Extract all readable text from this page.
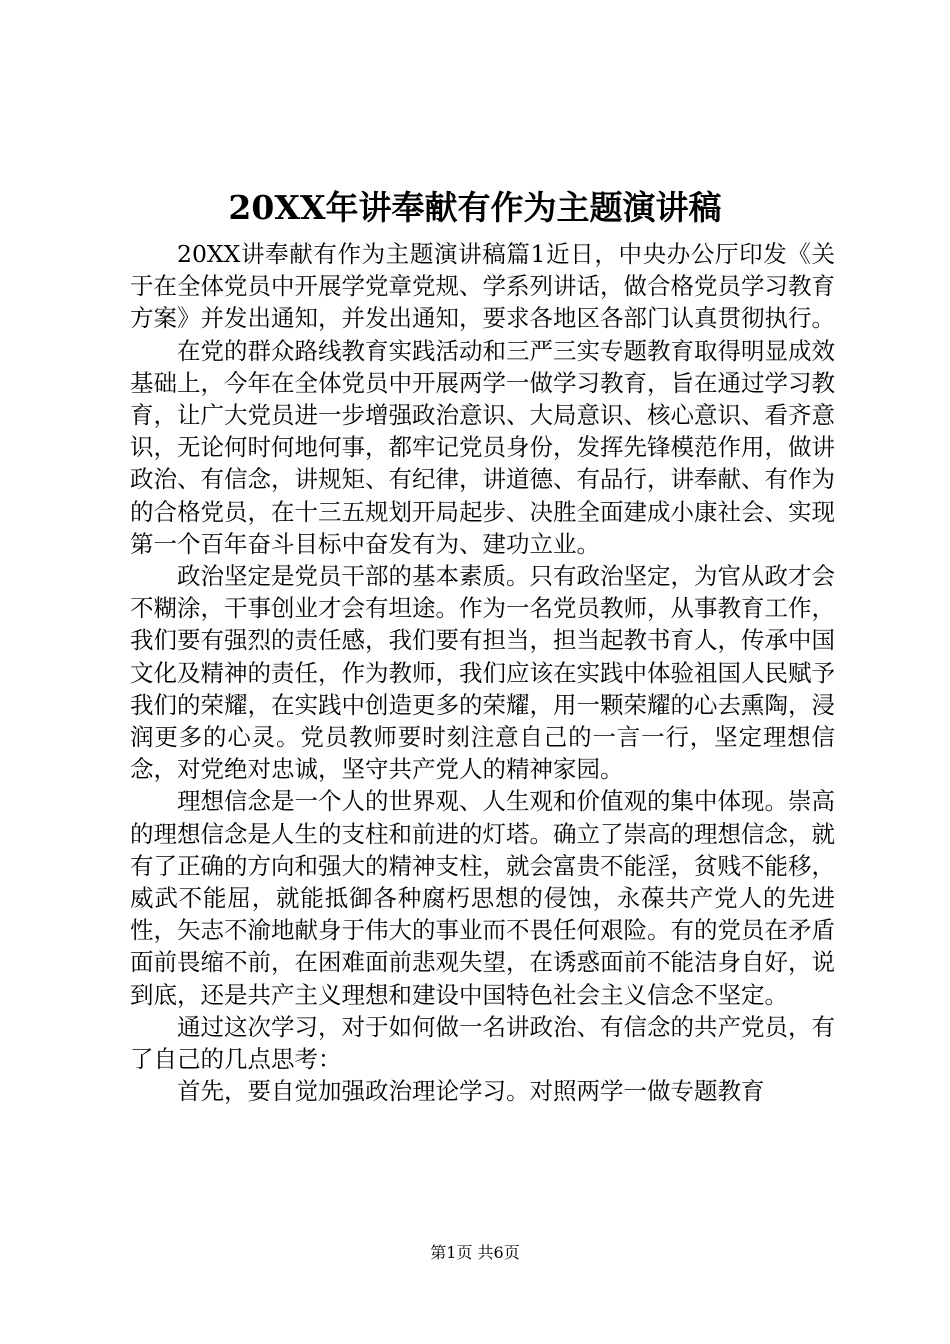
20XX年讲奉献有作为主题演讲稿

20XX讲奉献有作为主题演讲稿篇1近日，中央办公厅印发《关于在全体党员中开展学党章党规、学系列讲话，做合格党员学习教育方案》并发出通知，并发出通知，要求各地区各部门认真贯彻执行。

在党的群众路线教育实践活动和三严三实专题教育取得明显成效基础上，今年在全体党员中开展两学一做学习教育，旨在通过学习教育，让广大党员进一步增强政治意识、大局意识、核心意识、看齐意识，无论何时何地何事，都牢记党员身份，发挥先锋模范作用，做讲政治、有信念，讲规矩、有纪律，讲道德、有品行，讲奉献、有作为的合格党员，在十三五规划开局起步、决胜全面建成小康社会、实现第一个百年奋斗目标中奋发有为、建功立业。

政治坚定是党员干部的基本素质。只有政治坚定，为官从政才会不糊涂，干事创业才会有坦途。作为一名党员教师，从事教育工作，我们要有强烈的责任感，我们要有担当，担当起教书育人，传承中国文化及精神的责任，作为教师，我们应该在实践中体验祖国人民赋予我们的荣耀，在实践中创造更多的荣耀，用一颗荣耀的心去熏陶，浸润更多的心灵。党员教师要时刻注意自己的一言一行，坚定理想信念，对党绝对忠诚，坚守共产党人的精神家园。

理想信念是一个人的世界观、人生观和价值观的集中体现。崇高的理想信念是人生的支柱和前进的灯塔。确立了崇高的理想信念，就有了正确的方向和强大的精神支柱，就会富贵不能淫，贫贱不能移，威武不能屈，就能抵御各种腐朽思想的侵蚀，永葆共产党人的先进性，矢志不渝地献身于伟大的事业而不畏任何艰险。有的党员在矛盾面前畏缩不前，在困难面前悲观失望，在诱惑面前不能洁身自好，说到底，还是共产主义理想和建设中国特色社会主义信念不坚定。

通过这次学习，对于如何做一名讲政治、有信念的共产党员，有了自己的几点思考：

首先，要自觉加强政治理论学习。对照两学一做专题教育

第1页 共6页
